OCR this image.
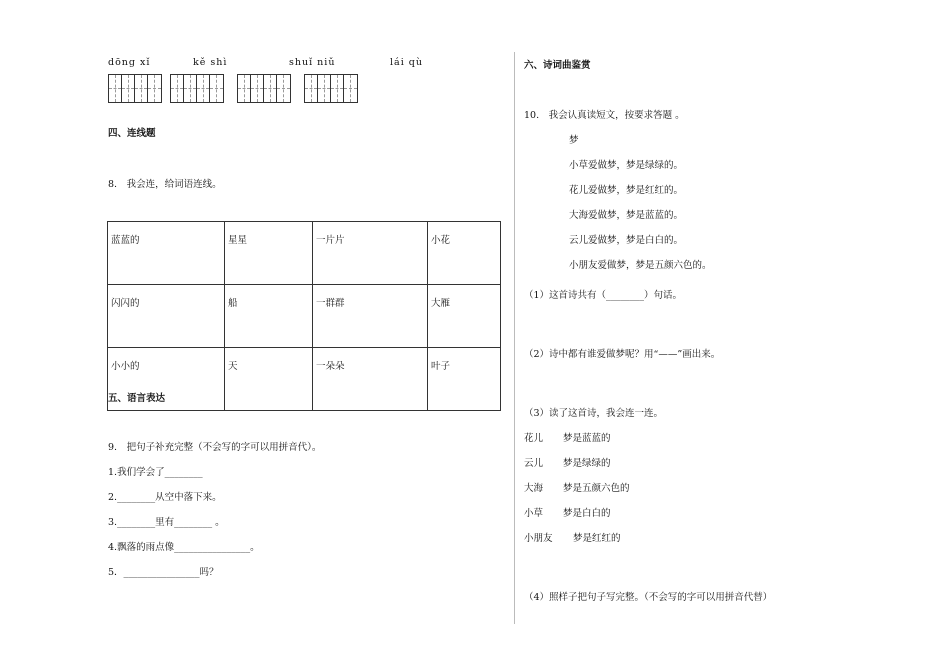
dōng xǐ	kě shì	shuǐ niǔ	lái qù
四、连线题
8.　我会连，给词语连线。
蓝蓝的	星星	一片片	小花
闪闪的	船	一群群	大雁
小小的	天	一朵朵	叶子
五、语言表达
9.　把句子补充完整（不会写的字可以用拼音代）。
1.我们学会了________
2.________从空中落下来。
3.________里有________ 。
4.飘落的雨点像________________。
5．________________吗？
六、诗词曲鉴赏
10.　我会认真读短文，按要求答题 。
梦
小草爱做梦，梦是绿绿的。
花儿爱做梦，梦是红红的。
大海爱做梦，梦是蓝蓝的。
云儿爱做梦，梦是白白的。
小朋友爱做梦，梦是五颜六色的。
（1）这首诗共有（________）句话。
（2）诗中都有谁爱做梦呢？用“——”画出来。
（3）读了这首诗，我会连一连。
花儿 梦是蓝蓝的
云儿 梦是绿绿的
大海 梦是五颜六色的
小草 梦是白白的
小朋友 梦是红红的
（4）照样子把句子写完整。（不会写的字可以用拼音代替）
